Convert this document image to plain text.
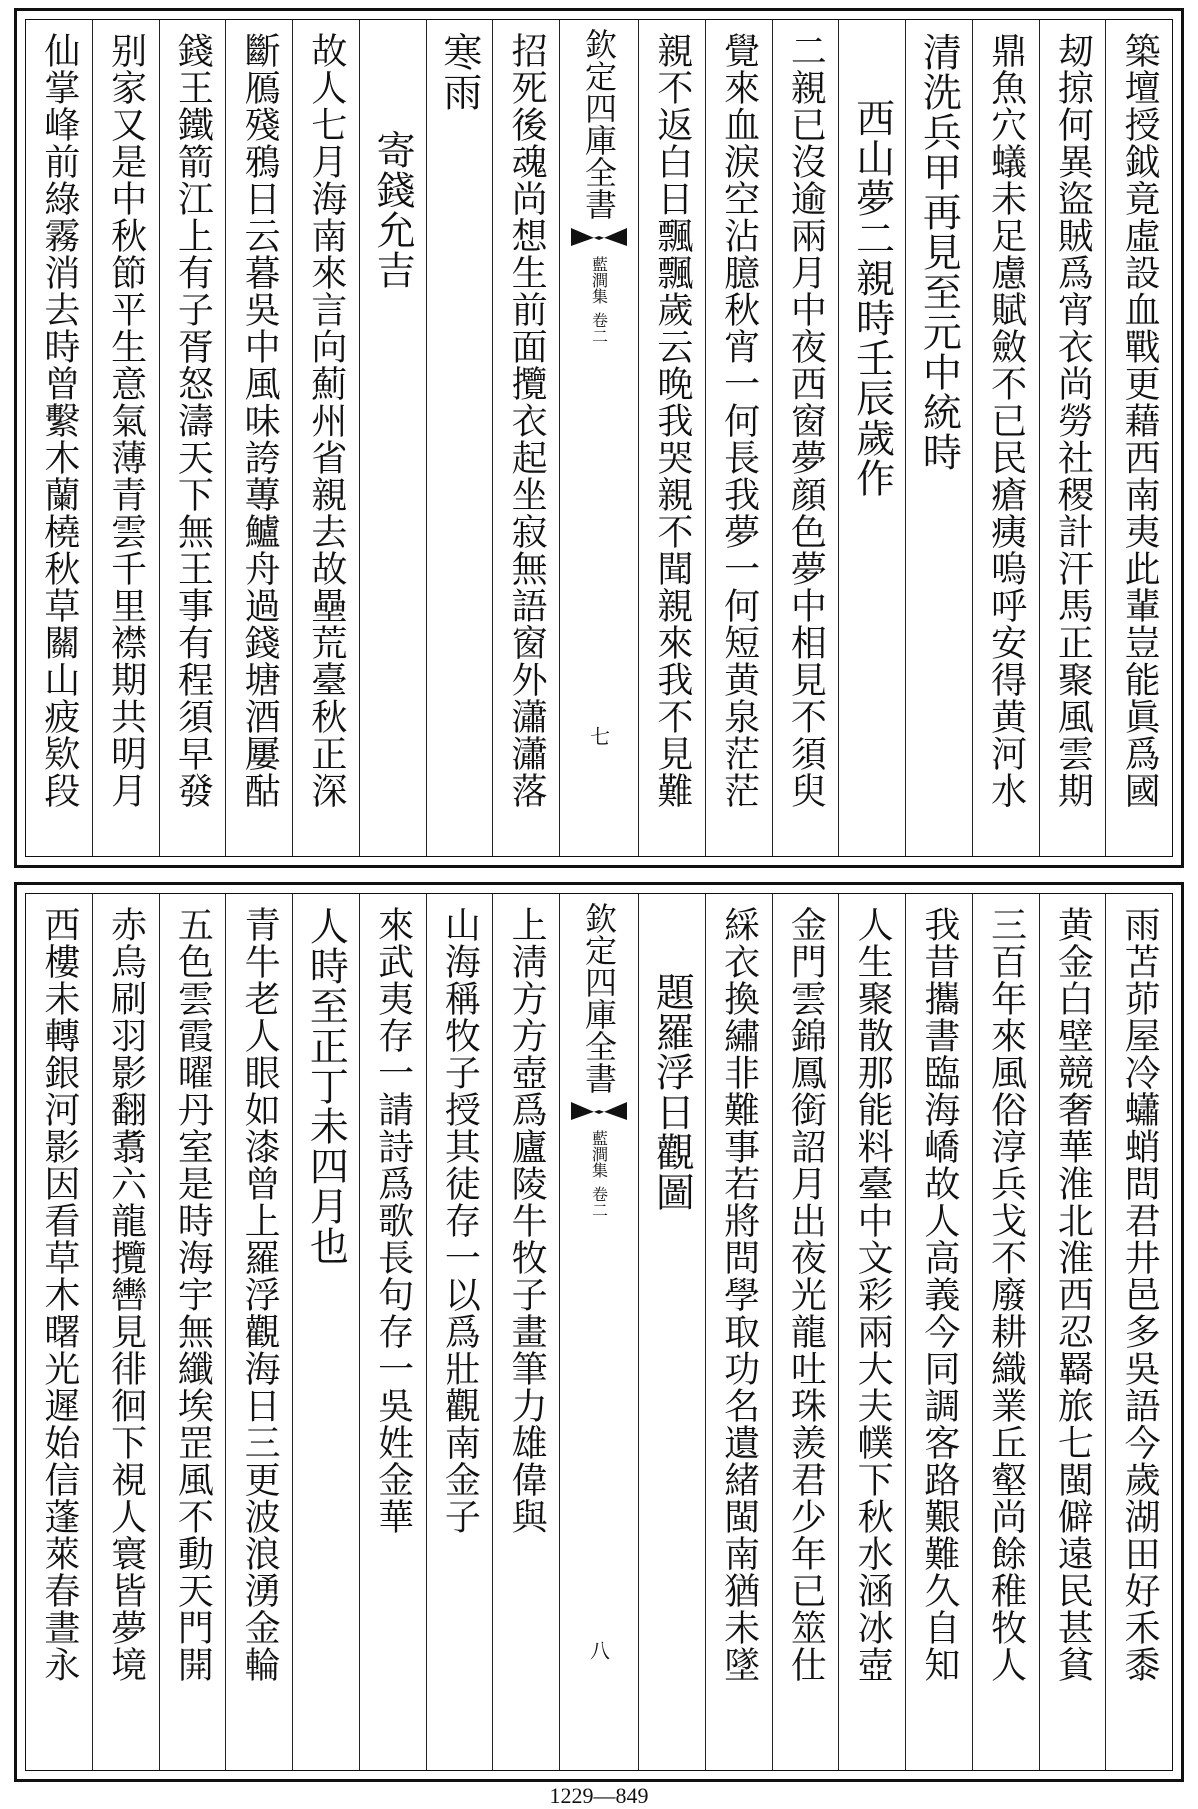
築壇授鉞竟虛設血戰更藉西南夷此輩豈能眞爲國
刼掠何異盜賊爲宵衣尚勞社稷計汗馬正聚風雲期
鼎魚穴蟻未足慮賦斂不已民瘡痍嗚呼安得黄河水
清洗兵甲再見至元中統時
西山夢二親時壬辰歲作
二親已沒逾兩月中夜西窗夢顔色夢中相見不須臾
覺來血淚空沾臆秋宵一何長我夢一何短黄泉茫茫
親不返白日飄飄歲云晚我哭親不聞親來我不見難
欽定四庫全書
藍澗集
卷二
七
招死後魂尚想生前面攬衣起坐寂無語窗外瀟瀟落
寒雨
寄錢允吉
故人七月海南來言向薊州省親去故壘荒臺秋正深
斷鴈殘鴉日云暮吳中風味誇蓴鱸舟過錢塘酒屢酤
錢王鐵箭江上有子胥怒濤天下無王事有程須早發
别家又是中秋節平生意氣薄青雲千里襟期共明月
仙掌峰前綠霧消去時曾繫木蘭橈秋草關山疲欵段
雨苫茆屋冷蠨蛸問君井邑多吳語今歲湖田好禾黍
黄金白壁競奢華淮北淮西忍羇旅七閩僻遠民甚貧
三百年來風俗淳兵戈不廢耕織業丘壑尚餘稚牧人
我昔攜書臨海嶠故人高義今同調客路艱難久自知
人生聚散那能料臺中文彩兩大夫幞下秋水涵冰壺
金門雲錦鳳銜詔月出夜光龍吐珠羨君少年已筮仕
綵衣換繡非難事若將問學取功名遺緒閩南猶未墜
題羅浮日觀圖
欽定四庫全書
藍澗集
卷二
八
上淸方方壺爲廬陵牛牧子畫筆力雄偉與
山海稱牧子授其徒存一以爲壯觀南金子
來武夷存一請詩爲歌長句存一吳姓金華
人時至正丁未四月也
青牛老人眼如漆曾上羅浮觀海日三更波浪湧金輪
五色雲霞曜丹室是時海宇無纖埃罡風不動天門開
赤烏刷羽影翻翥六龍攬轡見徘徊下視人寰皆夢境
西樓未轉銀河影因看草木曙光遲始信蓬萊春晝永
1229—849
